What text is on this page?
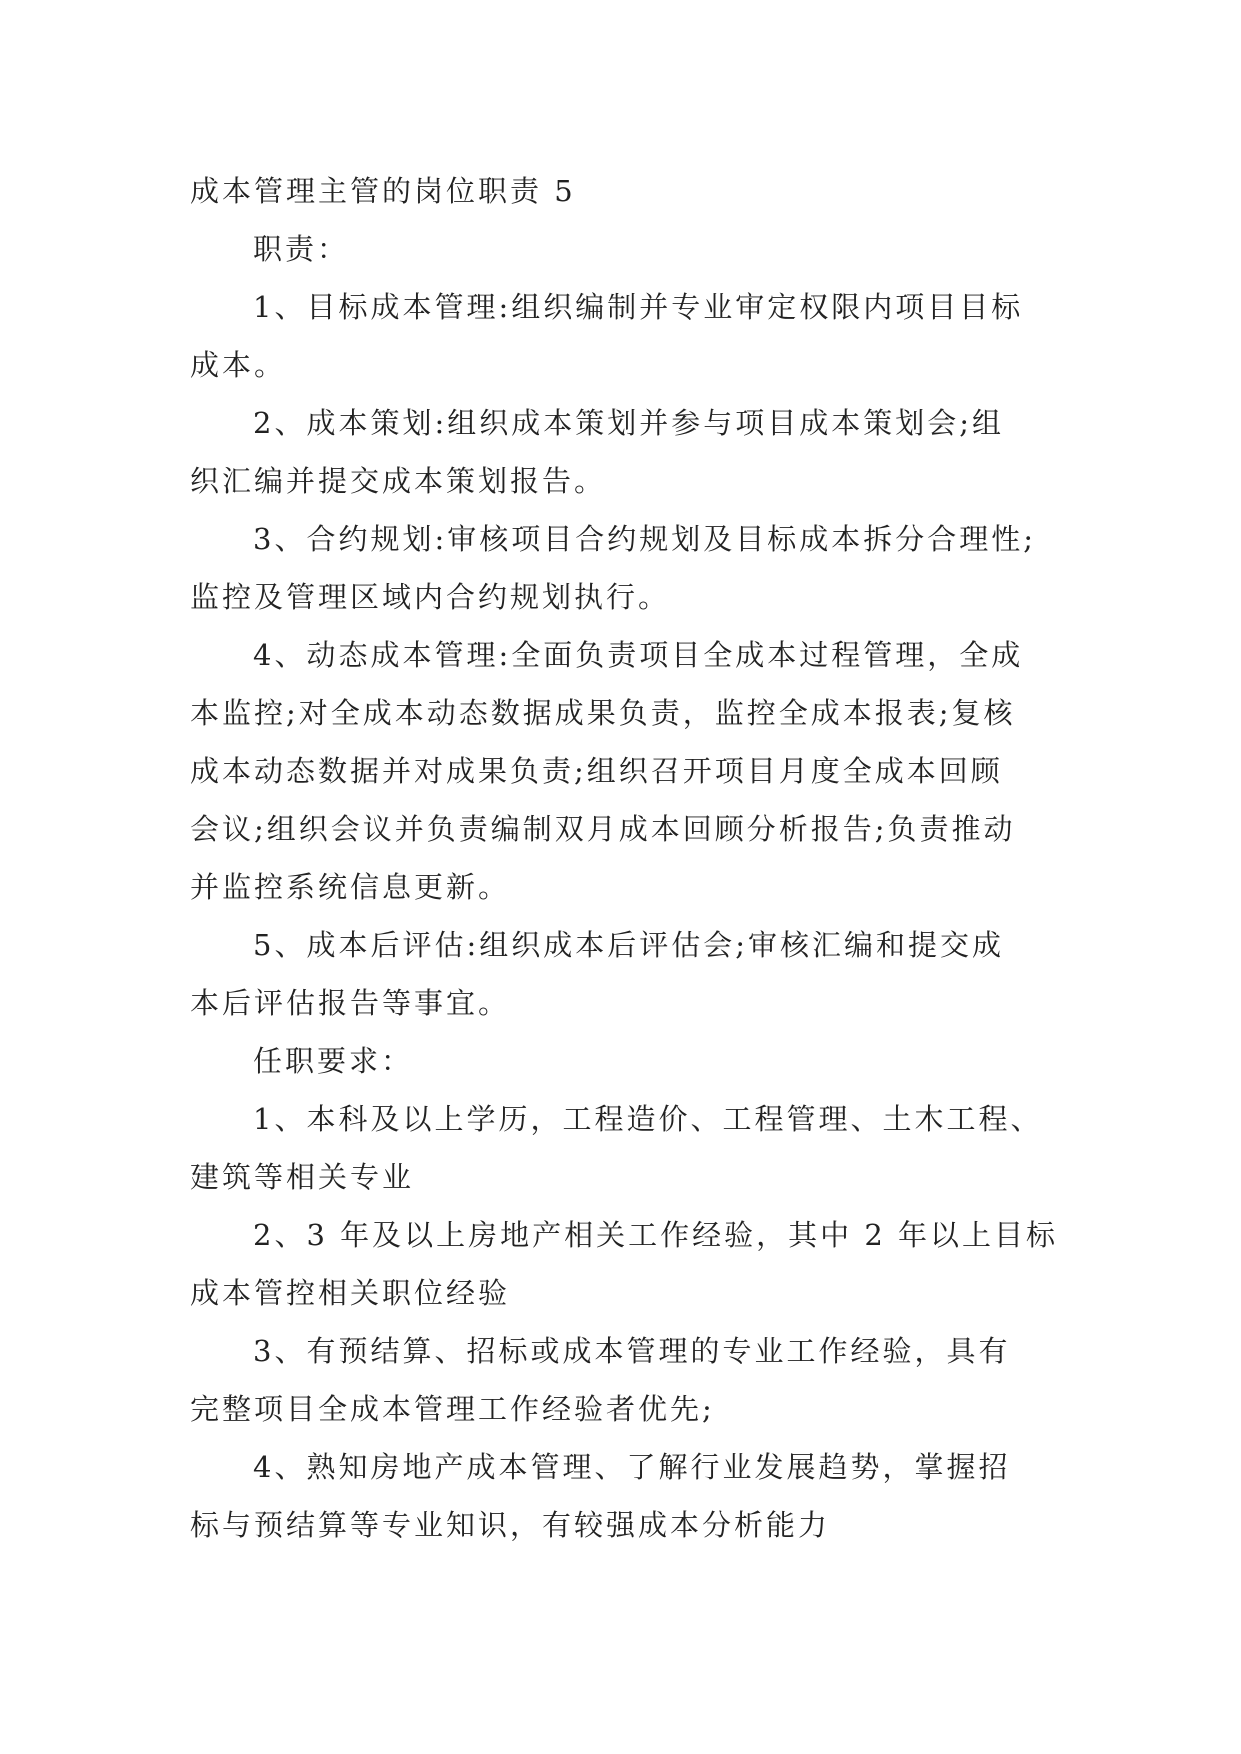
成本管理主管的岗位职责 5
职责：
1、目标成本管理:组织编制并专业审定权限内项目目标
成本。
2、成本策划:组织成本策划并参与项目成本策划会;组
织汇编并提交成本策划报告。
3、合约规划:审核项目合约规划及目标成本拆分合理性;
监控及管理区域内合约规划执行。
4、动态成本管理:全面负责项目全成本过程管理，全成
本监控;对全成本动态数据成果负责，监控全成本报表;复核
成本动态数据并对成果负责;组织召开项目月度全成本回顾
会议;组织会议并负责编制双月成本回顾分析报告;负责推动
并监控系统信息更新。
5、成本后评估:组织成本后评估会;审核汇编和提交成
本后评估报告等事宜。
任职要求：
1、本科及以上学历，工程造价、工程管理、土木工程、
建筑等相关专业
2、3 年及以上房地产相关工作经验，其中 2 年以上目标
成本管控相关职位经验
3、有预结算、招标或成本管理的专业工作经验，具有
完整项目全成本管理工作经验者优先;
4、熟知房地产成本管理、了解行业发展趋势，掌握招
标与预结算等专业知识，有较强成本分析能力
